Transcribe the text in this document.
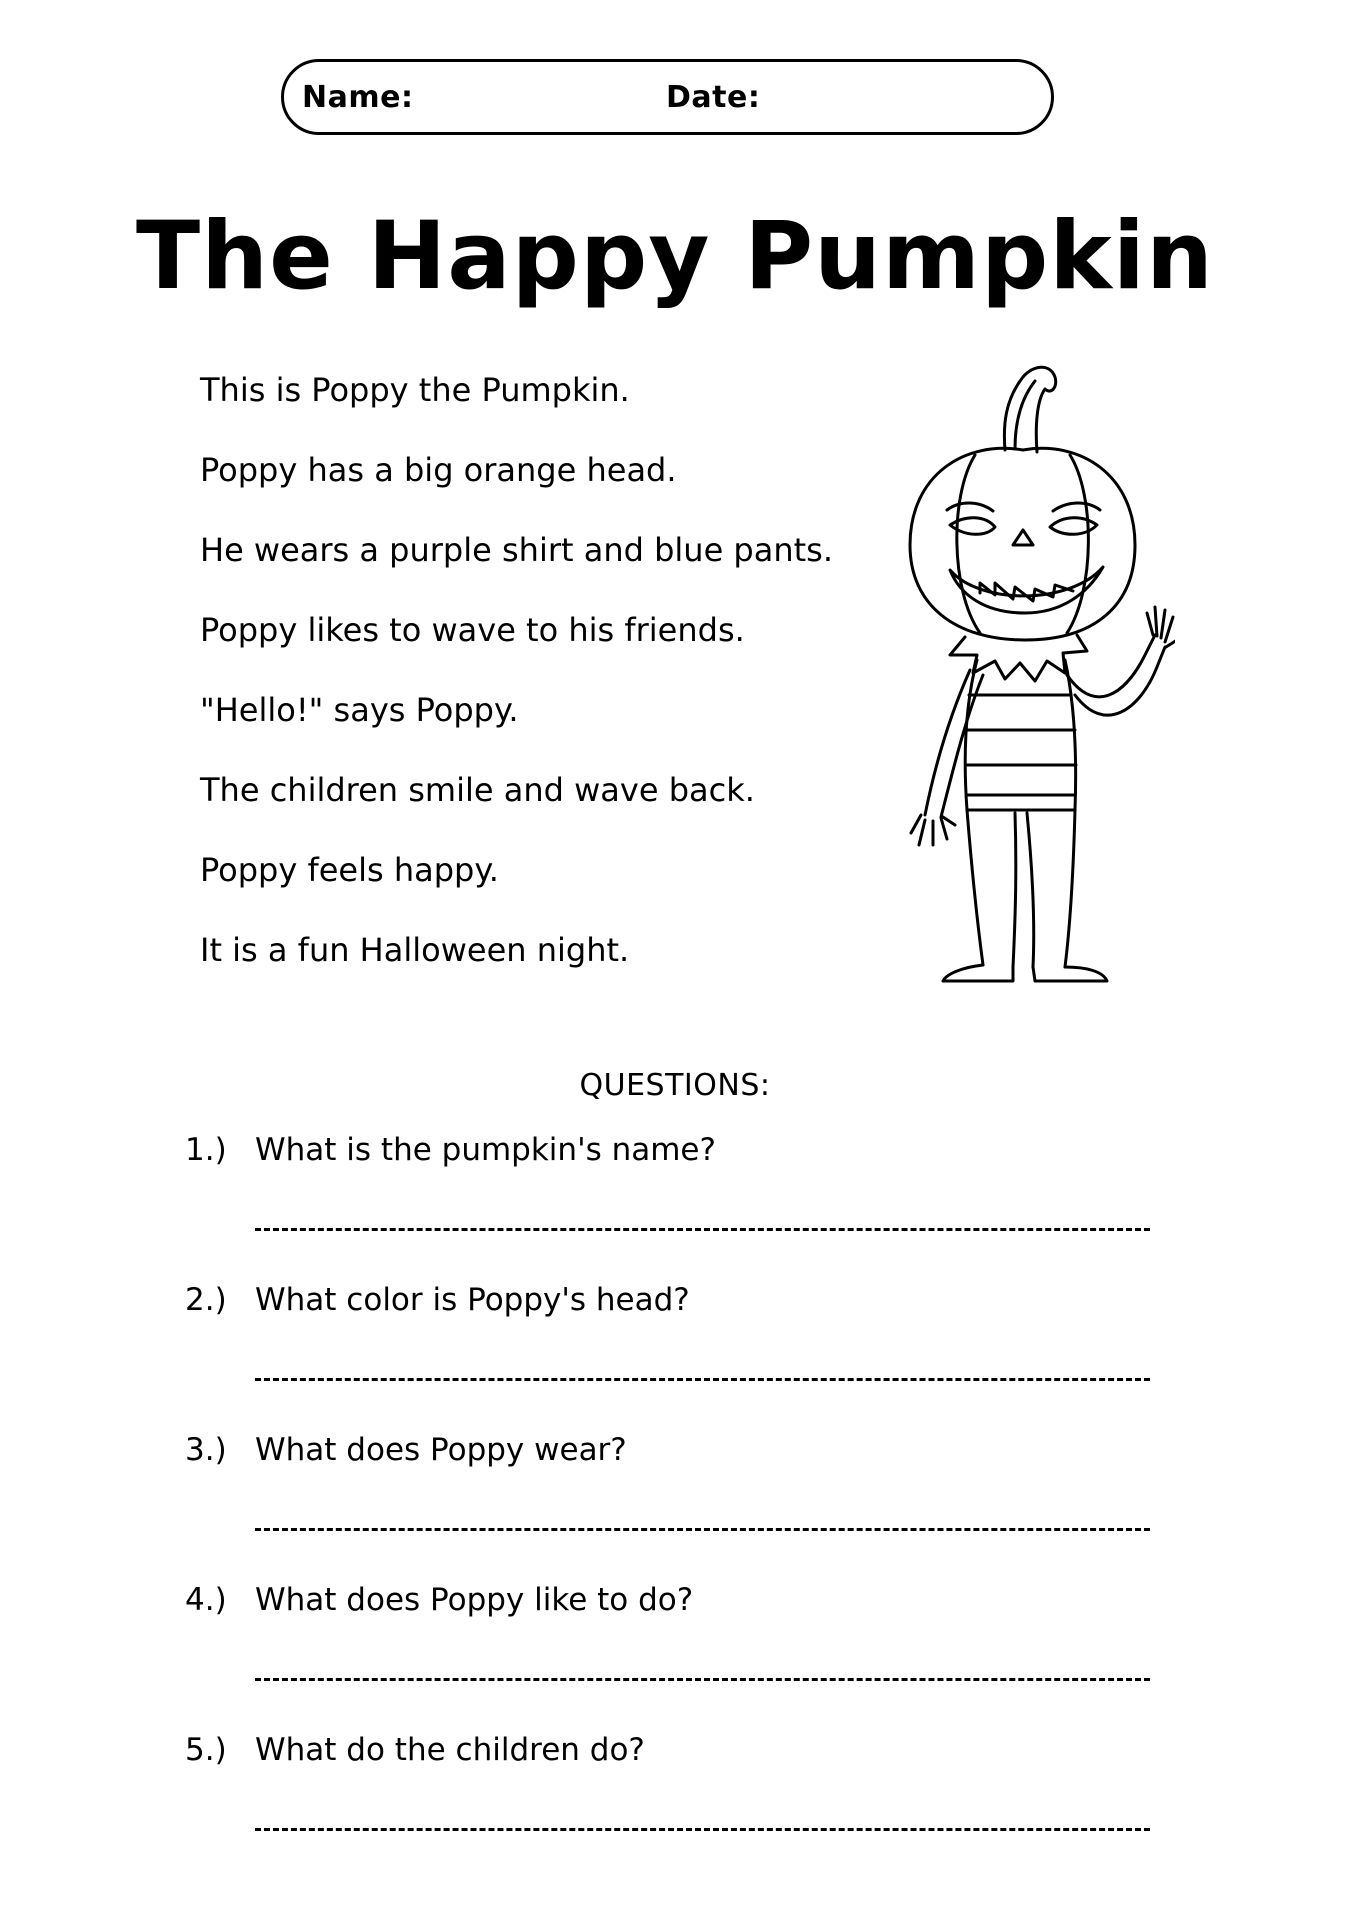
Name:	Date:
The Happy Pumpkin
This is Poppy the Pumpkin.
Poppy has a big orange head.
He wears a purple shirt and blue pants.
Poppy likes to wave to his friends.
"Hello!" says Poppy.
The children smile and wave back.
Poppy feels happy.
It is a fun Halloween night.
QUESTIONS:
1.) What is the pumpkin's name?
2.) What color is Poppy's head?
3.) What does Poppy wear?
4.) What does Poppy like to do?
5.) What do the children do?
